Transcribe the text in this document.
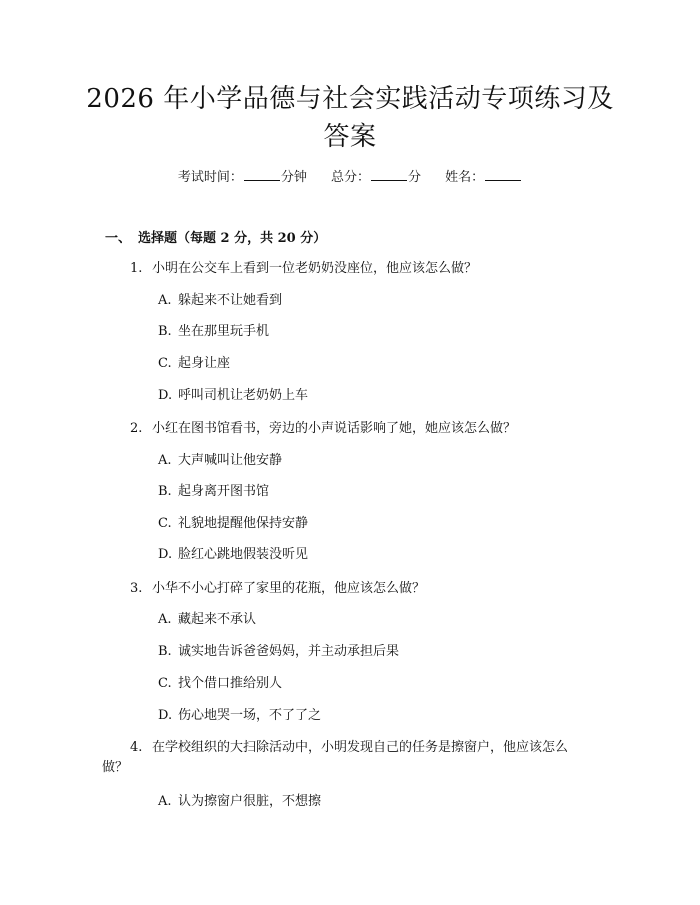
2026 年小学品德与社会实践活动专项练习及答案
考试时间：	分钟 总分：	分 姓名：
一、 选择题（每题 2 分，共 20 分）
1. 小明在公交车上看到一位老奶奶没座位，他应该怎么做？
A. 躲起来不让她看到
B. 坐在那里玩手机
C. 起身让座
D. 呼叫司机让老奶奶上车
2. 小红在图书馆看书，旁边的小声说话影响了她，她应该怎么做？
A. 大声喊叫让他安静
B. 起身离开图书馆
C. 礼貌地提醒他保持安静
D. 脸红心跳地假装没听见
3. 小华不小心打碎了家里的花瓶，他应该怎么做？
A. 藏起来不承认
B. 诚实地告诉爸爸妈妈，并主动承担后果
C. 找个借口推给别人
D. 伤心地哭一场，不了了之
4. 在学校组织的大扫除活动中，小明发现自己的任务是擦窗户，他应该怎么
做？
A. 认为擦窗户很脏，不想擦
